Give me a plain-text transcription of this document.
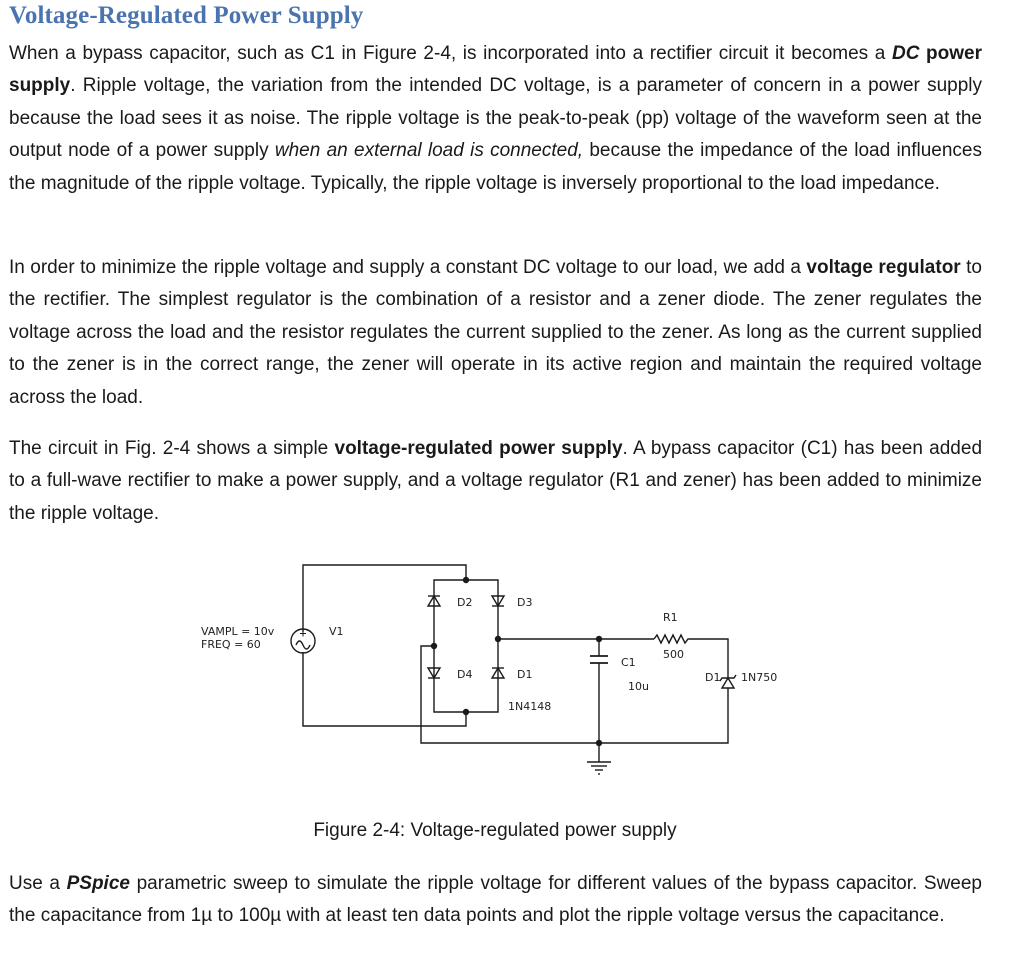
Voltage-Regulated Power Supply

When a bypass capacitor, such as C1 in Figure 2-4, is incorporated into a rectifier circuit it becomes a DC power supply. Ripple voltage, the variation from the intended DC voltage, is a parameter of concern in a power supply because the load sees it as noise. The ripple voltage is the peak-to-peak (pp) voltage of the waveform seen at the output node of a power supply when an external load is connected, because the impedance of the load influences the magnitude of the ripple voltage. Typically, the ripple voltage is inversely proportional to the load impedance.

In order to minimize the ripple voltage and supply a constant DC voltage to our load, we add a voltage regulator to the rectifier. The simplest regulator is the combination of a resistor and a zener diode. The zener regulates the voltage across the load and the resistor regulates the current supplied to the zener. As long as the current supplied to the zener is in the correct range, the zener will operate in its active region and maintain the required voltage across the load.

The circuit in Fig. 2-4 shows a simple voltage-regulated power supply. A bypass capacitor (C1) has been added to a full-wave rectifier to make a power supply, and a voltage regulator (R1 and zener) has been added to minimize the ripple voltage.

VAMPL = 10v
FREQ = 60
V1
D2	D3
D4	D1
1N4148
C1
10u
R1
500
D1 1N750

Figure 2-4: Voltage-regulated power supply

Use a PSpice parametric sweep to simulate the ripple voltage for different values of the bypass capacitor. Sweep the capacitance from 1µ to 100µ with at least ten data points and plot the ripple voltage versus the capacitance.
